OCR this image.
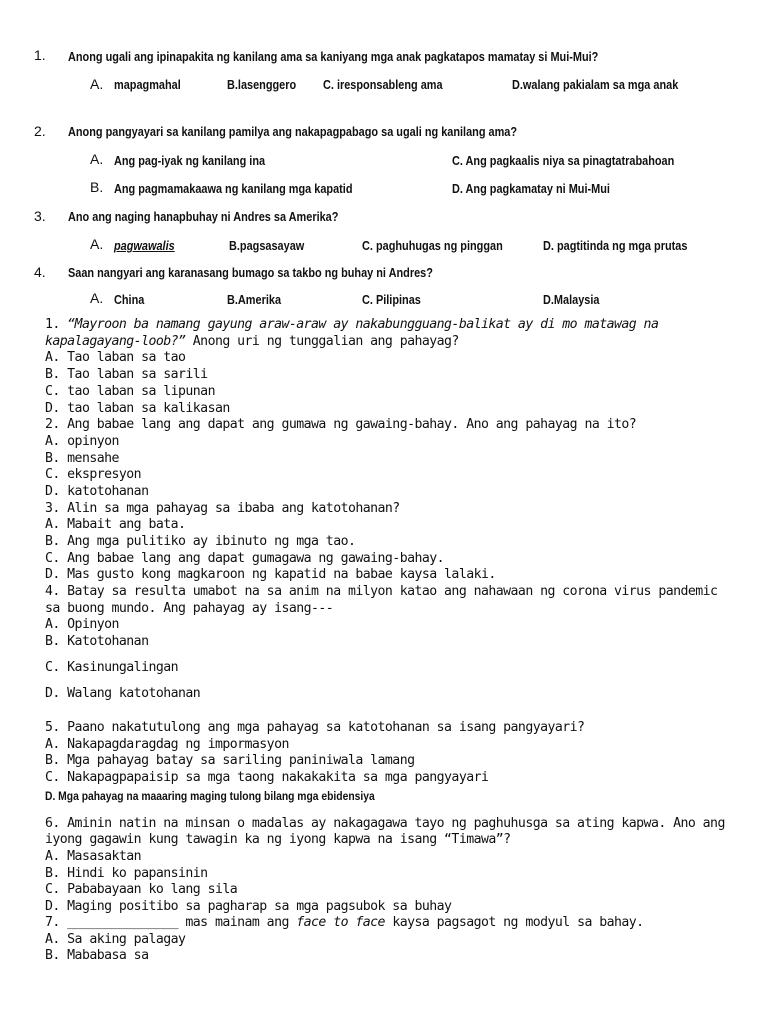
1. Anong ugali ang ipinapakita ng kanilang ama sa kaniyang mga anak pagkatapos mamatay si Mui-Mui?
A. mapagmahal	B.lasenggero C. iresponsableng ama	D.walang pakialam sa mga anak
2. Anong pangyayari sa kanilang pamilya ang nakapagpabago sa ugali ng kanilang ama?
A. Ang pag-iyak ng kanilang ina	C. Ang pagkaalis niya sa pinagtatrabahoan
B. Ang pagmamakaawa ng kanilang mga kapatid	D. Ang pagkamatay ni Mui-Mui
3. Ano ang naging hanapbuhay ni Andres sa Amerika?
A. pagwawalis	B.pagsasayaw	C. paghuhugas ng pinggan	D. pagtitinda ng mga prutas
4. Saan nangyari ang karanasang bumago sa takbo ng buhay ni Andres?
A. China	B.Amerika	C. Pilipinas	D.Malaysia
1. “Mayroon ba namang gayung araw-araw ay nakabungguang-balikat ay di mo matawag na
kapalagayang-loob?” Anong uri ng tunggalian ang pahayag?
A. Tao laban sa tao
B. Tao laban sa sarili
C. tao laban sa lipunan
D. tao laban sa kalikasan
2. Ang babae lang ang dapat ang gumawa ng gawaing-bahay. Ano ang pahayag na ito?
A. opinyon
B. mensahe
C. ekspresyon
D. katotohanan
3. Alin sa mga pahayag sa ibaba ang katotohanan?
A. Mabait ang bata.
B. Ang mga pulitiko ay ibinuto ng mga tao.
C. Ang babae lang ang dapat gumagawa ng gawaing-bahay.
D. Mas gusto kong magkaroon ng kapatid na babae kaysa lalaki.
4. Batay sa resulta umabot na sa anim na milyon katao ang nahawaan ng corona virus pandemic
sa buong mundo. Ang pahayag ay isang---
A. Opinyon
B. Katotohanan
C. Kasinungalingan
D. Walang katotohanan
5. Paano nakatutulong ang mga pahayag sa katotohanan sa isang pangyayari?
A. Nakapagdaragdag ng impormasyon
B. Mga pahayag batay sa sariling paniniwala lamang
C. Nakapagpapaisip sa mga taong nakakakita sa mga pangyayari
D. Mga pahayag na maaaring maging tulong bilang mga ebidensiya
6. Aminin natin na minsan o madalas ay nakagagawa tayo ng paghuhusga sa ating kapwa. Ano ang
iyong gagawin kung tawagin ka ng iyong kapwa na isang “Timawa”?
A. Masasaktan
B. Hindi ko papansinin
C. Pababayaan ko lang sila
D. Maging positibo sa pagharap sa mga pagsubok sa buhay
7. _______________ mas mainam ang face to face kaysa pagsagot ng modyul sa bahay.
A. Sa aking palagay
B. Mababasa sa
